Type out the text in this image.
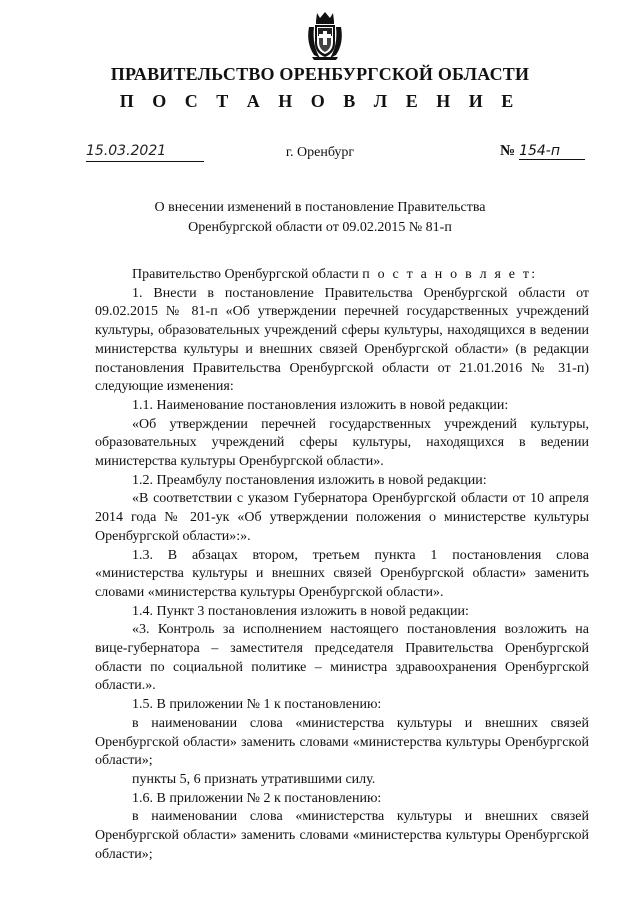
ПРАВИТЕЛЬСТВО ОРЕНБУРГСКОЙ ОБЛАСТИ
П О С Т А Н О В Л Е Н И Е
15.03.2021	г. Оренбург	№ 154-п
О внесении изменений в постановление Правительства
Оренбургской области от 09.02.2015 № 81-п

Правительство Оренбургской области п о с т а н о в л я е т:

1. Внести в постановление Правительства Оренбургской области от 09.02.2015 № 81-п «Об утверждении перечней государственных учреждений культуры, образовательных учреждений сферы культуры, находящихся в ведении министерства культуры и внешних связей Оренбургской области» (в редакции постановления Правительства Оренбургской области от 21.01.2016 № 31-п) следующие изменения:

1.1. Наименование постановления изложить в новой редакции:

«Об утверждении перечней государственных учреждений культуры, образовательных учреждений сферы культуры, находящихся в ведении министерства культуры Оренбургской области».

1.2. Преамбулу постановления изложить в новой редакции:

«В соответствии с указом Губернатора Оренбургской области от 10 апреля 2014 года № 201-ук «Об утверждении положения о министерстве культуры Оренбургской области»:».

1.3. В абзацах втором, третьем пункта 1 постановления слова «министерства культуры и внешних связей Оренбургской области» заменить словами «министерства культуры Оренбургской области».

1.4. Пункт 3 постановления изложить в новой редакции:

«3. Контроль за исполнением настоящего постановления возложить на вице-губернатора – заместителя председателя Правительства Оренбургской области по социальной политике – министра здравоохранения Оренбургской области.».

1.5. В приложении № 1 к постановлению:

в наименовании слова «министерства культуры и внешних связей Оренбургской области» заменить словами «министерства культуры Оренбургской области»;

пункты 5, 6 признать утратившими силу.

1.6. В приложении № 2 к постановлению:

в наименовании слова «министерства культуры и внешних связей Оренбургской области» заменить словами «министерства культуры Оренбургской области»;
